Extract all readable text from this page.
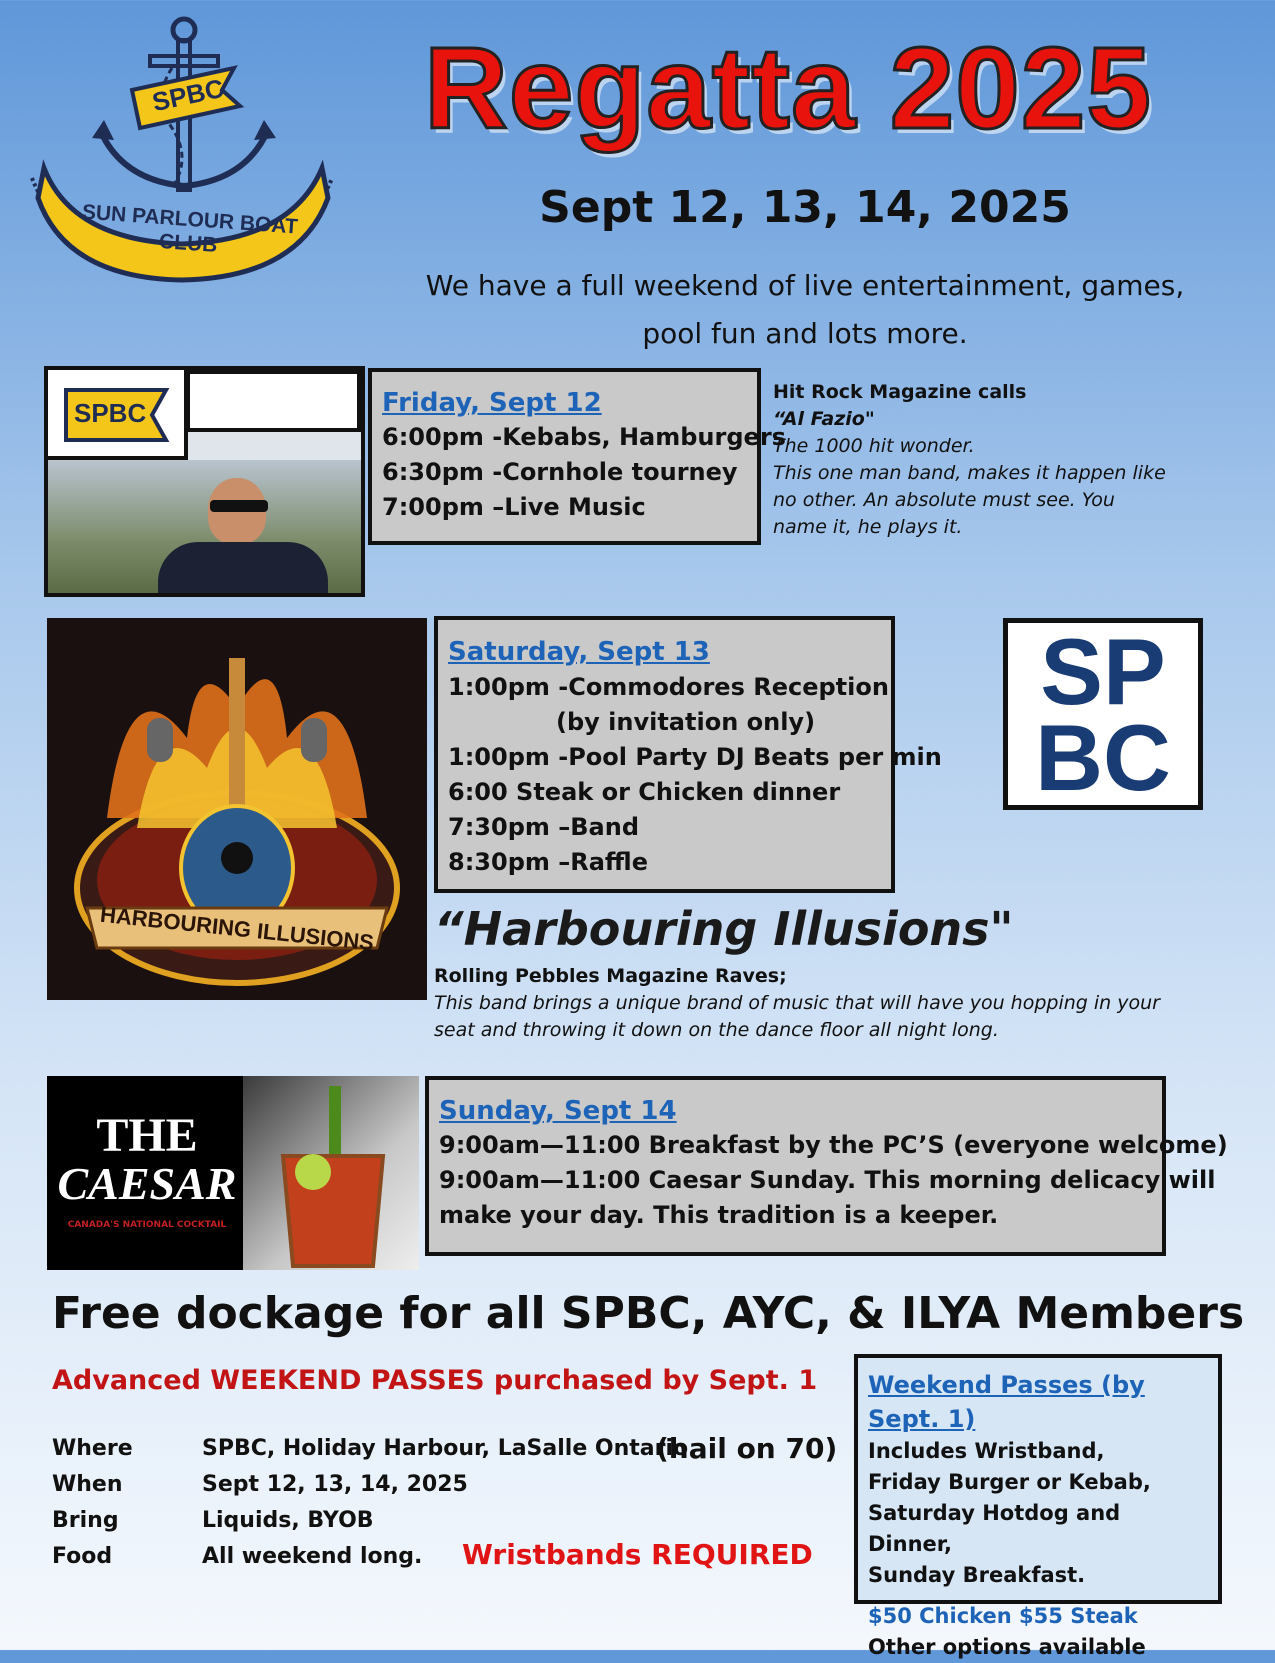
SPBC
SUN PARLOUR BOAT CLUB
Regatta 2025
Sept 12, 13, 14, 2025
We have a full weekend of live entertainment, games,
pool fun and lots more.
SPBC	Friday, Sept 12
6:00pm -Kebabs, Hamburgers
6:30pm -Cornhole tourney
7:00pm –Live Music
Hit Rock Magazine calls
“Al Fazio"
The 1000 hit wonder.
This one man band, makes it happen like
no other. An absolute must see. You
name it, he plays it.
HARBOURING ILLUSIONS
Saturday, Sept 13
1:00pm -Commodores Reception
(by invitation only)
1:00pm -Pool Party DJ Beats per min
6:00 Steak or Chicken dinner
7:30pm –Band
8:30pm –Raffle
SP
BC
“Harbouring Illusions"
Rolling Pebbles Magazine Raves;
This band brings a unique brand of music that will have you hopping in your
seat and throwing it down on the dance floor all night long.
THE
CAESAR
CANADA'S NATIONAL COCKTAIL
Sunday, Sept 14
9:00am—11:00 Breakfast by the PC’S (everyone welcome)
9:00am—11:00 Caesar Sunday. This morning delicacy will
make your day. This tradition is a keeper.
Free dockage for all SPBC, AYC, & ILYA Members
Advanced WEEKEND PASSES purchased by Sept. 1
Where	SPBC, Holiday Harbour, LaSalle Ontario
(hail on 70)
When	Sept 12, 13, 14, 2025
Bring	Liquids, BYOB
Food	All weekend long. Wristbands REQUIRED
Weekend Passes (by Sept. 1)
Includes Wristband,
Friday Burger or Kebab,
Saturday Hotdog and Dinner,
Sunday Breakfast.
$50 Chicken $55 Steak
Other options available
